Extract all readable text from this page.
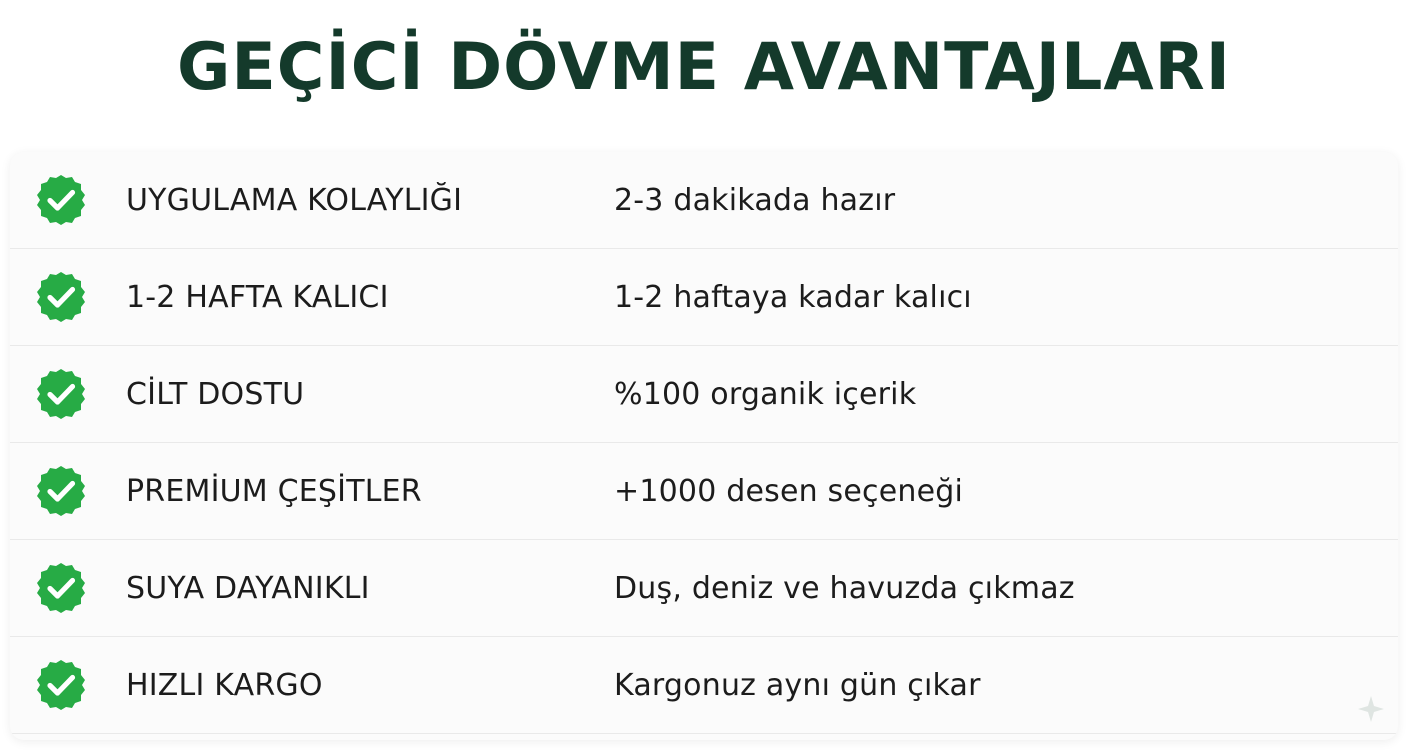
GEÇİCİ DÖVME AVANTAJLARI
UYGULAMA KOLAYLIĞI	2-3 dakikada hazır
1-2 HAFTA KALICI	1-2 haftaya kadar kalıcı
CİLT DOSTU	%100 organik içerik
PREMİUM ÇEŞİTLER	+1000 desen seçeneği
SUYA DAYANIKLI	Duş, deniz ve havuzda çıkmaz
HIZLI KARGO	Kargonuz aynı gün çıkar
